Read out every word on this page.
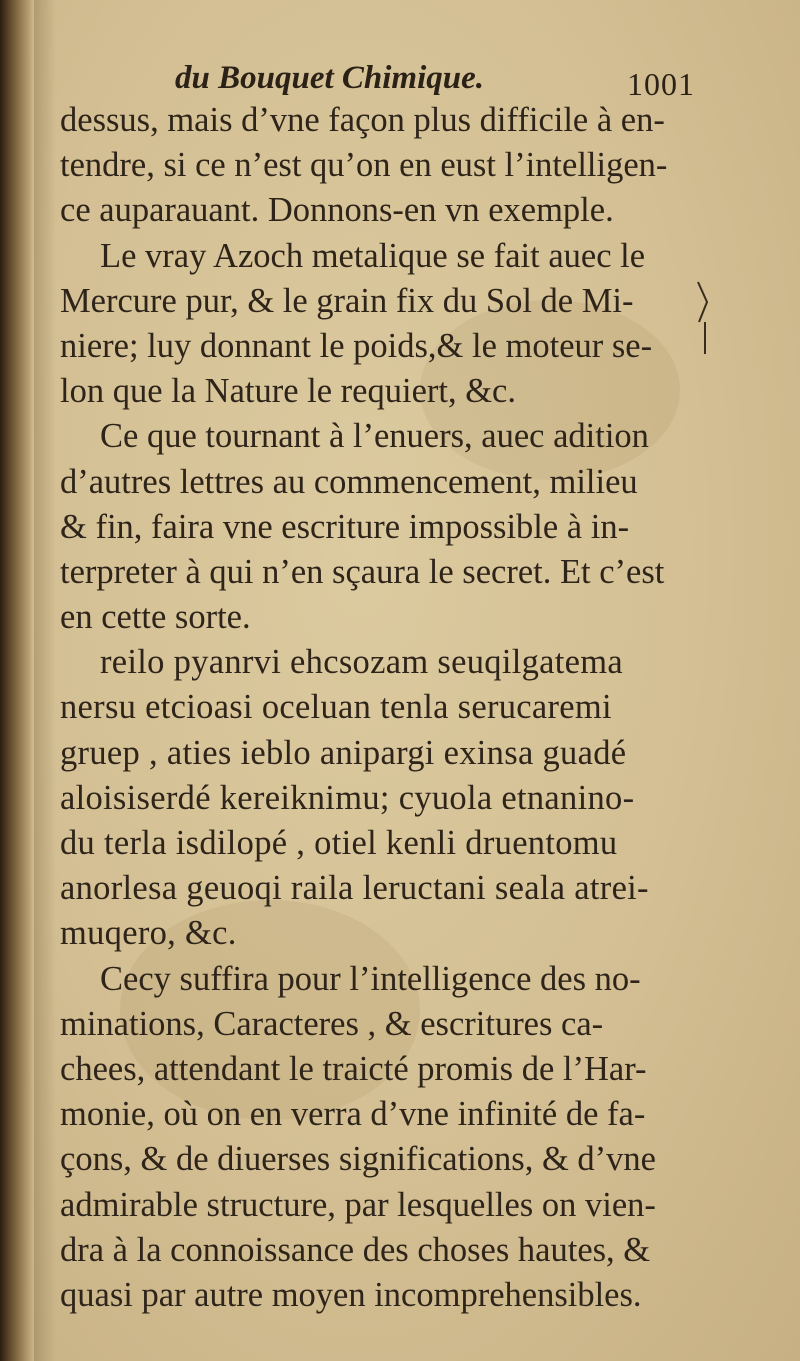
du Bouquet Chimique.	1001
dessus, mais d’vne façon plus difficile à en-
tendre, si ce n’est qu’on en eust l’intelligen-
ce auparauant. Donnons-en vn exemple.
Le vray Azoch metalique se fait auec le
Mercure pur, & le grain fix du Sol de Mi-
niere; luy donnant le poids,& le moteur se-
lon que la Nature le requiert, &c.
Ce que tournant à l’enuers, auec adition
d’autres lettres au commencement, milieu
& fin, faira vne escriture impossible à in-
terpreter à qui n’en sçaura le secret. Et c’est
en cette sorte.
reilo pyanrvi ehcsozam seuqilgatema
nersu etcioasi oceluan tenla serucaremi
gruep , aties ieblo anipargi exinsa guadé
aloisiserdé kereiknimu; cyuola etnanino-
du terla isdilopé , otiel kenli druentomu
anorlesa geuoqi raila leructani seala atrei-
muqero, &c.
Cecy suffira pour l’intelligence des no-
minations, Caracteres , & escritures ca-
chees, attendant le traicté promis de l’Har-
monie, où on en verra d’vne infinité de fa-
çons, & de diuerses significations, & d’vne
admirable structure, par lesquelles on vien-
dra à la connoissance des choses hautes, &
quasi par autre moyen incomprehensibles.
